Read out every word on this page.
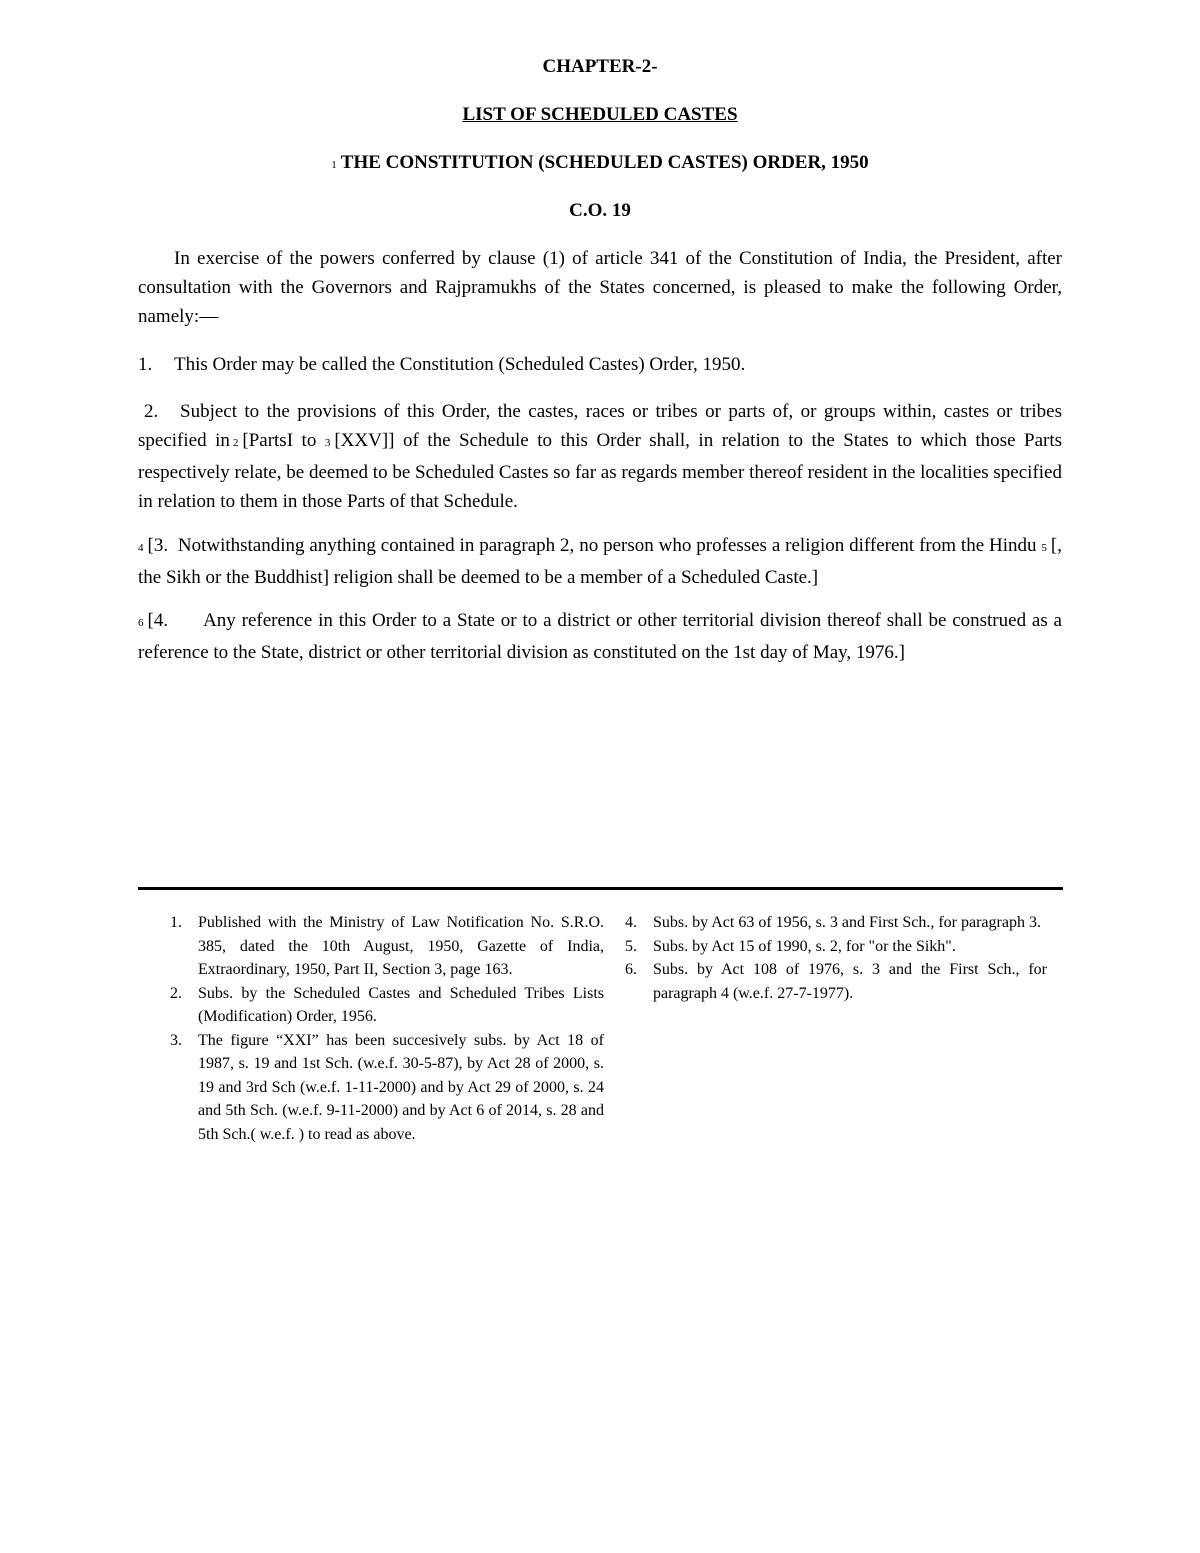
CHAPTER-2-
LIST OF SCHEDULED CASTES
1 THE CONSTITUTION (SCHEDULED CASTES) ORDER, 1950
C.O. 19
In exercise of the powers conferred by clause (1) of article 341 of the Constitution of India, the President, after consultation with the Governors and Rajpramukhs of the States concerned, is pleased to make the following Order, namely:—
1. This Order may be called the Constitution (Scheduled Castes) Order, 1950.
2. Subject to the provisions of this Order, the castes, races or tribes or parts of, or groups within, castes or tribes specified in 2 [PartsI to 3 [XXV]] of the Schedule to this Order shall, in relation to the States to which those Parts respectively relate, be deemed to be Scheduled Castes so far as regards member thereof resident in the localities specified in relation to them in those Parts of that Schedule.
4 [3. Notwithstanding anything contained in paragraph 2, no person who professes a religion different from the Hindu 5 [, the Sikh or the Buddhist] religion shall be deemed to be a member of a Scheduled Caste.]
6 [4. Any reference in this Order to a State or to a district or other territorial division thereof shall be construed as a reference to the State, district or other territorial division as constituted on the 1st day of May, 1976.]
1. Published with the Ministry of Law Notification No. S.R.O. 385, dated the 10th August, 1950, Gazette of India, Extraordinary, 1950, Part II, Section 3, page 163.
2. Subs. by the Scheduled Castes and Scheduled Tribes Lists (Modification) Order, 1956.
3. The figure “XXI” has been succesively subs. by Act 18 of 1987, s. 19 and 1st Sch. (w.e.f. 30-5-87), by Act 28 of 2000, s. 19 and 3rd Sch (w.e.f. 1-11-2000) and by Act 29 of 2000, s. 24 and 5th Sch. (w.e.f. 9-11-2000) and by Act 6 of 2014, s. 28 and 5th Sch.( w.e.f. ) to read as above.
4. Subs. by Act 63 of 1956, s. 3 and First Sch., for paragraph 3.
5. Subs. by Act 15 of 1990, s. 2, for "or the Sikh".
6. Subs. by Act 108 of 1976, s. 3 and the First Sch., for paragraph 4 (w.e.f. 27-7-1977).
